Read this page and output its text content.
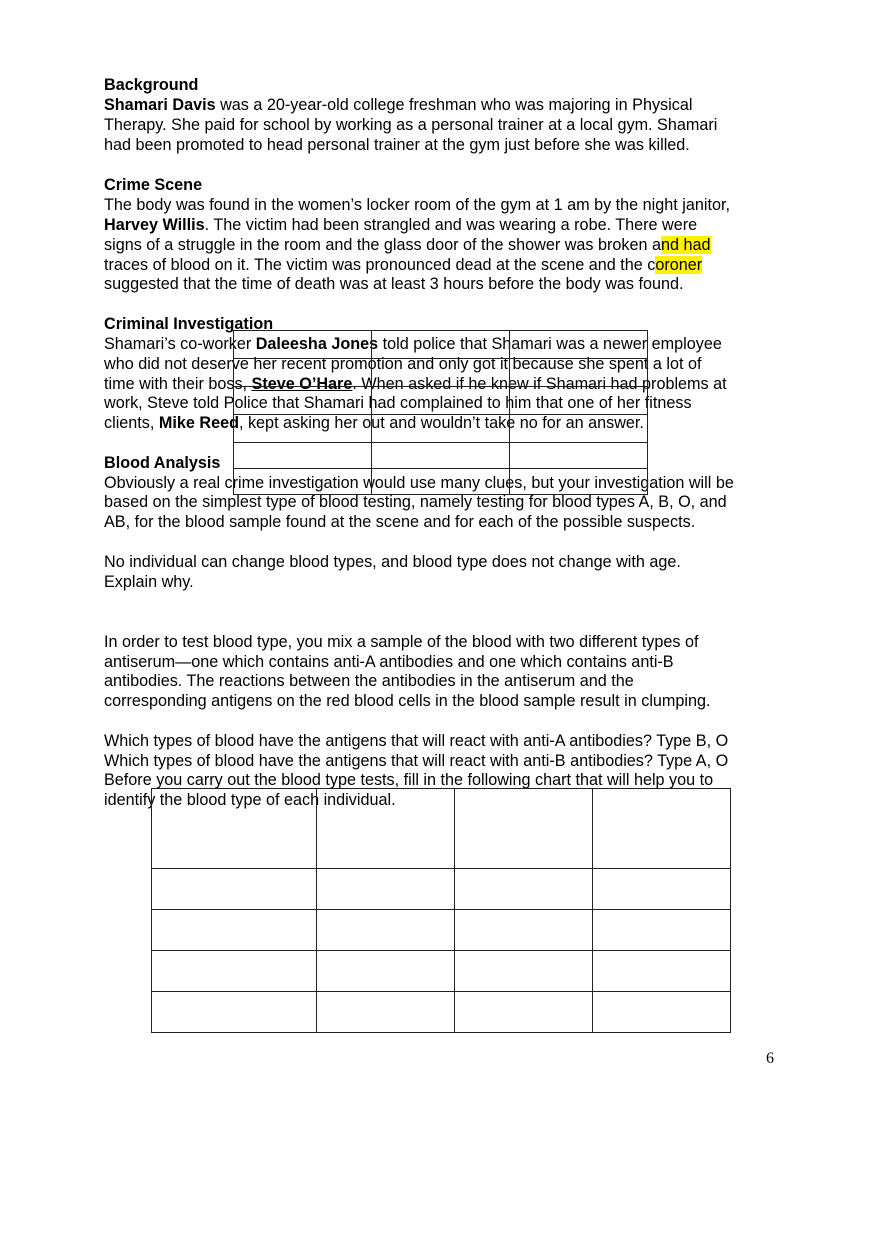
Background
Shamari Davis was a 20-year-old college freshman who was majoring in Physical
Therapy. She paid for school by working as a personal trainer at a local gym. Shamari
had been promoted to head personal trainer at the gym just before she was killed.
Crime Scene
The body was found in the women’s locker room of the gym at 1 am by the night janitor,
Harvey Willis. The victim had been strangled and was wearing a robe. There were
signs of a struggle in the room and the glass door of the shower was broken and had
traces of blood on it. The victim was pronounced dead at the scene and the coroner
suggested that the time of death was at least 3 hours before the body was found.
Criminal Investigation
Shamari’s co-worker Daleesha Jones told police that Shamari was a newer employee
who did not deserve her recent promotion and only got it because she spent a lot of
time with their boss, Steve O’Hare. When asked if he knew if Shamari had problems at
work, Steve told Police that Shamari had complained to him that one of her fitness
clients, Mike Reed, kept asking her out and wouldn’t take no for an answer.
Blood Analysis
Obviously a real crime investigation would use many clues, but your investigation will be
based on the simplest type of blood testing, namely testing for blood types A, B, O, and
AB, for the blood sample found at the scene and for each of the possible suspects.
No individual can change blood types, and blood type does not change with age.
Explain why.
In order to test blood type, you mix a sample of the blood with two different types of
antiserum—one which contains anti-A antibodies and one which contains anti-B
antibodies. The reactions between the antibodies in the antiserum and the
corresponding antigens on the red blood cells in the blood sample result in clumping.
Which types of blood have the antigens that will react with anti-A antibodies? Type B, O
Which types of blood have the antigens that will react with anti-B antibodies? Type A, O
Before you carry out the blood type tests, fill in the following chart that will help you to
identify the blood type of each individual.

6
